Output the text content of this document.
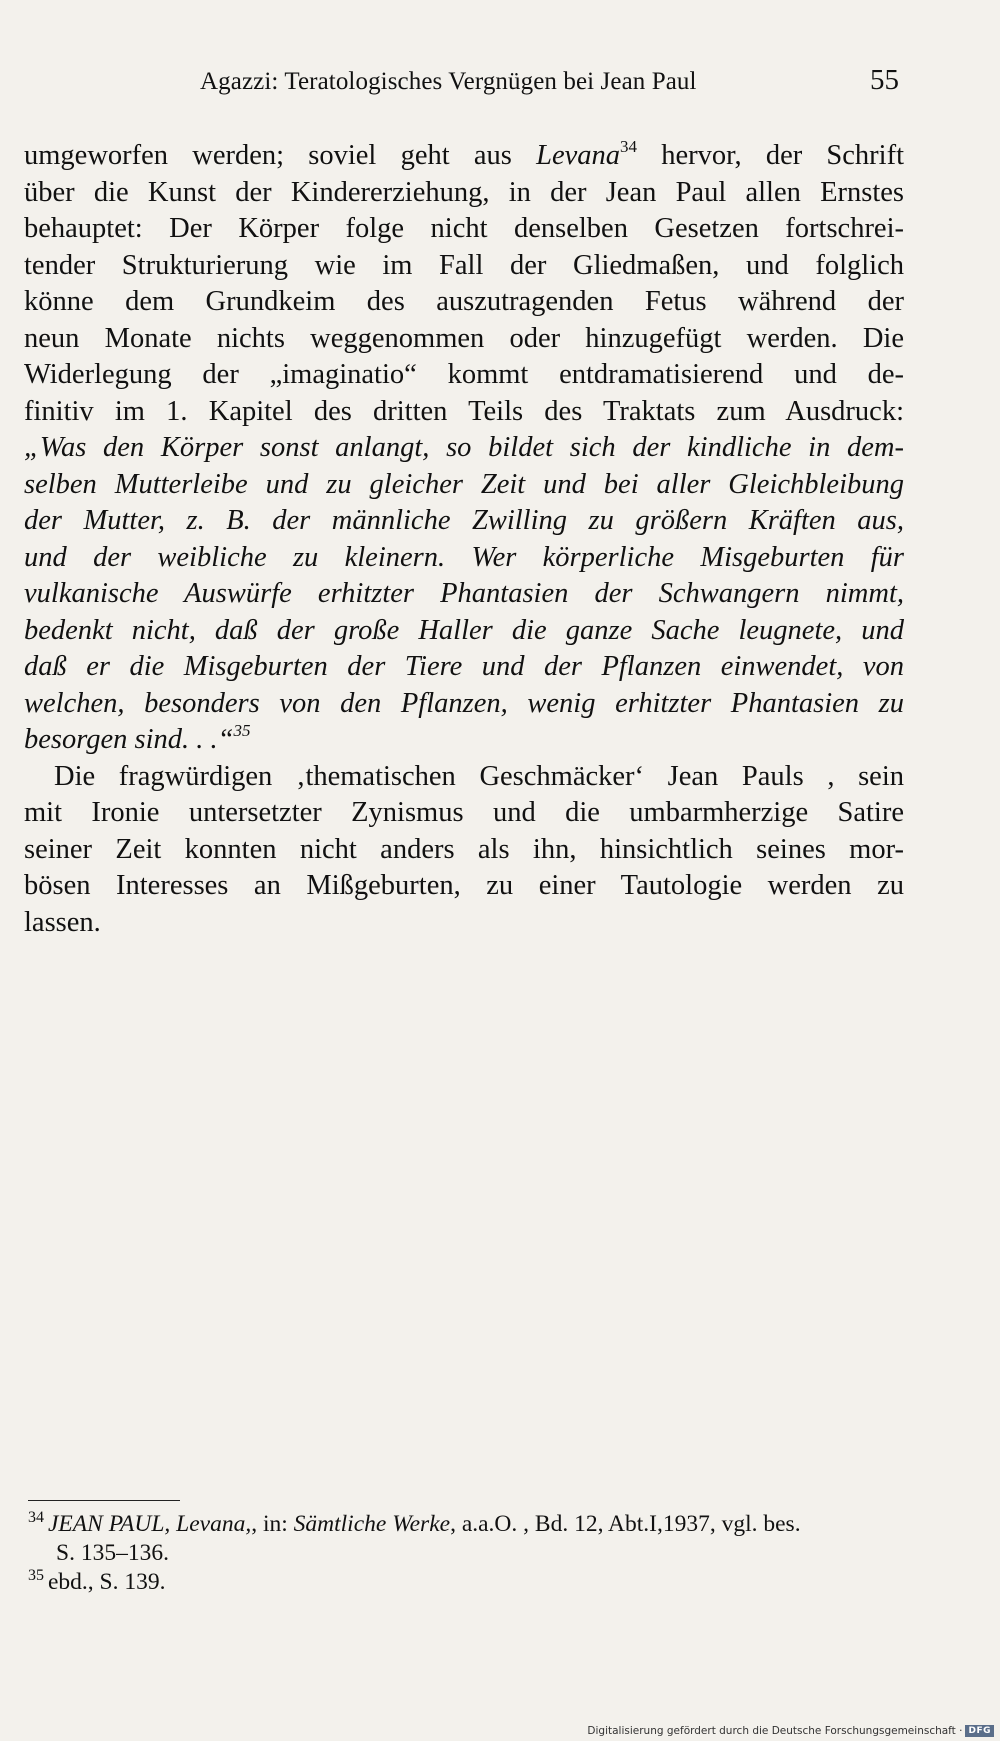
Agazzi: Teratologisches Vergnügen bei Jean Paul	55
umgeworfen werden; soviel geht aus Levana$^{34}$ hervor, der Schrift
über die Kunst der Kindererziehung, in der Jean Paul allen Ernstes
behauptet: Der Körper folge nicht denselben Gesetzen fortschrei-
tender Strukturierung wie im Fall der Gliedmaßen, und folglich
könne dem Grundkeim des auszutragenden Fetus während der
neun Monate nichts weggenommen oder hinzugefügt werden. Die
Widerlegung der „imaginatio“ kommt entdramatisierend und de-
finitiv im 1. Kapitel des dritten Teils des Traktats zum Ausdruck:
„Was den Körper sonst anlangt, so bildet sich der kindliche in dem-
selben Mutterleibe und zu gleicher Zeit und bei aller Gleichbleibung
der Mutter, z. B. der männliche Zwilling zu größern Kräften aus,
und der weibliche zu kleinern. Wer körperliche Misgeburten für
vulkanische Auswürfe erhitzter Phantasien der Schwangern nimmt,
bedenkt nicht, daß der große Haller die ganze Sache leugnete, und
daß er die Misgeburten der Tiere und der Pflanzen einwendet, von
welchen, besonders von den Pflanzen, wenig erhitzter Phantasien zu
besorgen sind. . .“$^{35}$
Die fragwürdigen ‚thematischen Geschmäcker‘ Jean Pauls , sein
mit Ironie untersetzter Zynismus und die umbarmherzige Satire
seiner Zeit konnten nicht anders als ihn, hinsichtlich seines mor-
bösen Interesses an Mißgeburten, zu einer Tautologie werden zu
lassen.
$^{34}$ JEAN PAUL, Levana,, in: Sämtliche Werke, a.a.O. , Bd. 12, Abt.I,1937, vgl. bes.
S. 135–136.
$^{35}$ ebd., S. 139.
Digitalisierung gefördert durch die Deutsche Forschungsgemeinschaft · DFG
